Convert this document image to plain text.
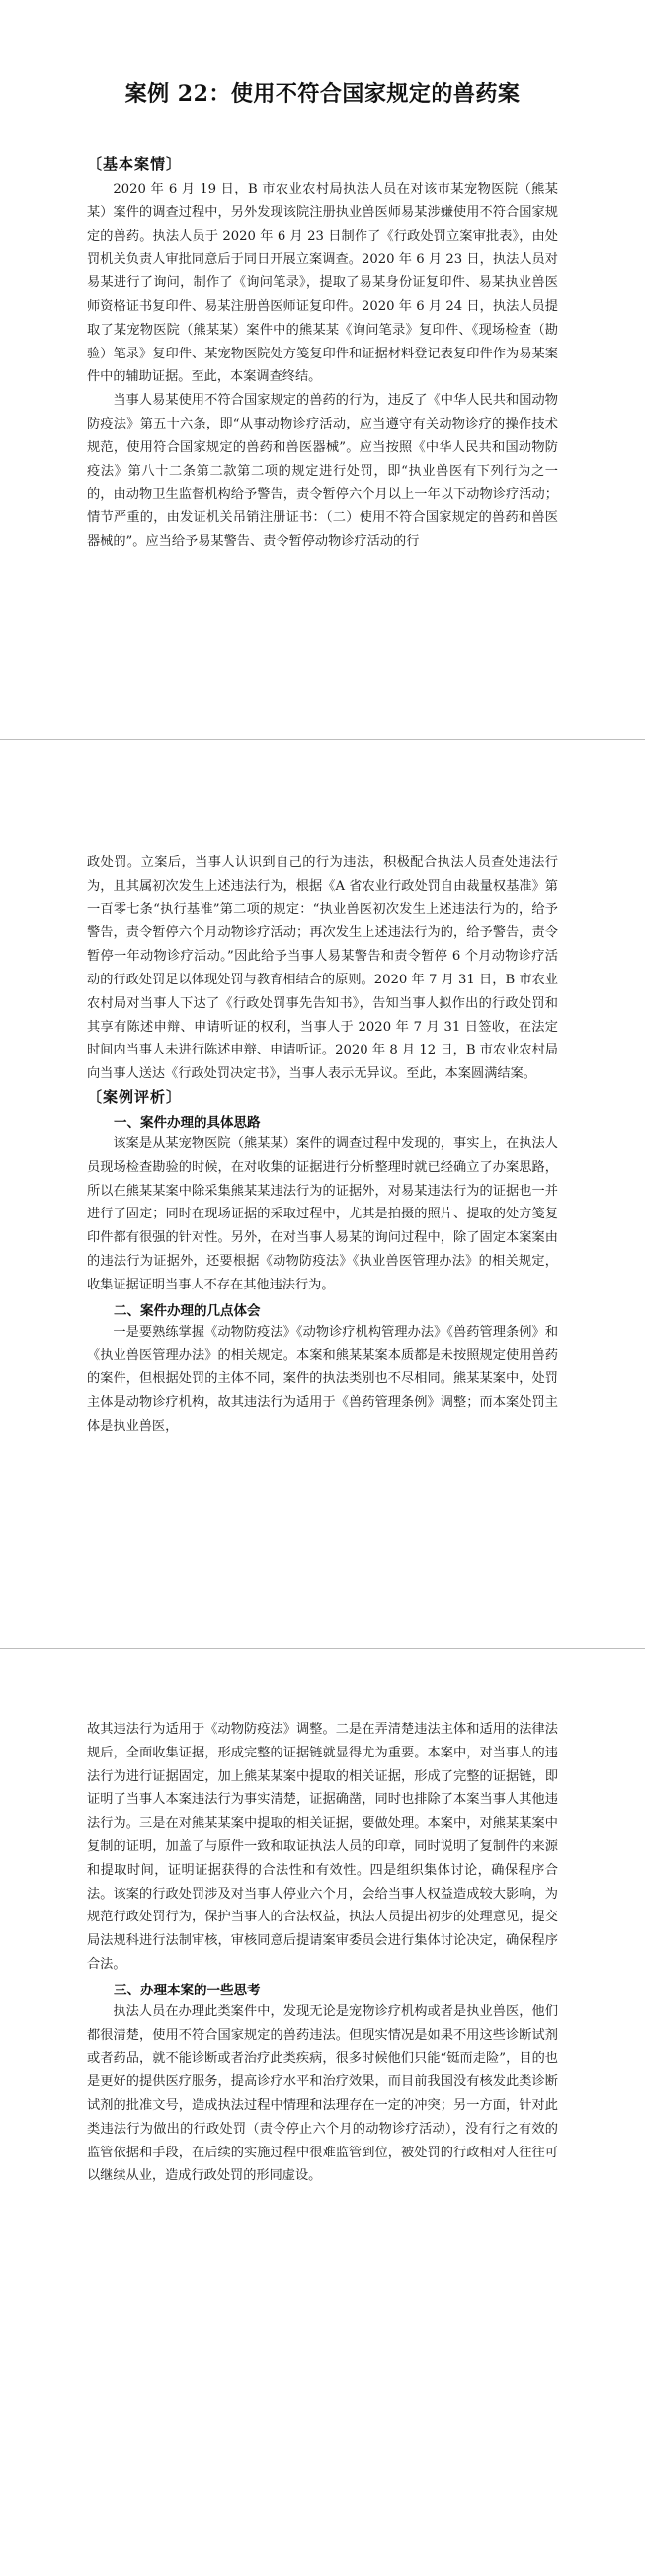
案例 22：使用不符合国家规定的兽药案
〔基本案情〕

2020 年 6 月 19 日，B 市农业农村局执法人员在对该市某宠物医院（熊某某）案件的调查过程中，另外发现该院注册执业兽医师易某涉嫌使用不符合国家规定的兽药。执法人员于 2020 年 6 月 23 日制作了《行政处罚立案审批表》，由处罚机关负责人审批同意后于同日开展立案调查。2020 年 6 月 23 日，执法人员对易某进行了询问，制作了《询问笔录》，提取了易某身份证复印件、易某执业兽医师资格证书复印件、易某注册兽医师证复印件。2020 年 6 月 24 日，执法人员提取了某宠物医院（熊某某）案件中的熊某某《询问笔录》复印件、《现场检查（勘验）笔录》复印件、某宠物医院处方笺复印件和证据材料登记表复印件作为易某案件中的辅助证据。至此，本案调查终结。

当事人易某使用不符合国家规定的兽药的行为，违反了《中华人民共和国动物防疫法》第五十六条，即“从事动物诊疗活动，应当遵守有关动物诊疗的操作技术规范，使用符合国家规定的兽药和兽医器械”。应当按照《中华人民共和国动物防疫法》第八十二条第二款第二项的规定进行处罚，即“执业兽医有下列行为之一的，由动物卫生监督机构给予警告，责令暂停六个月以上一年以下动物诊疗活动；情节严重的，由发证机关吊销注册证书：（二）使用不符合国家规定的兽药和兽医器械的”。应当给予易某警告、责令暂停动物诊疗活动的行

政处罚。立案后，当事人认识到自己的行为违法，积极配合执法人员查处违法行为，且其属初次发生上述违法行为，根据《A 省农业行政处罚自由裁量权基准》第一百零七条“执行基准”第二项的规定：“执业兽医初次发生上述违法行为的，给予警告，责令暂停六个月动物诊疗活动；再次发生上述违法行为的，给予警告，责令暂停一年动物诊疗活动。”因此给予当事人易某警告和责令暂停 6 个月动物诊疗活动的行政处罚足以体现处罚与教育相结合的原则。2020 年 7 月 31 日，B 市农业农村局对当事人下达了《行政处罚事先告知书》，告知当事人拟作出的行政处罚和其享有陈述申辩、申请听证的权利，当事人于 2020 年 7 月 31 日签收，在法定时间内当事人未进行陈述申辩、申请听证。2020 年 8 月 12 日，B 市农业农村局向当事人送达《行政处罚决定书》，当事人表示无异议。至此，本案圆满结案。

〔案例评析〕
一、案件办理的具体思路

该案是从某宠物医院（熊某某）案件的调查过程中发现的，事实上，在执法人员现场检查勘验的时候，在对收集的证据进行分析整理时就已经确立了办案思路，所以在熊某某案中除采集熊某某违法行为的证据外，对易某违法行为的证据也一并进行了固定；同时在现场证据的采取过程中，尤其是拍摄的照片、提取的处方笺复印件都有很强的针对性。另外，在对当事人易某的询问过程中，除了固定本案案由的违法行为证据外，还要根据《动物防疫法》《执业兽医管理办法》的相关规定，收集证据证明当事人不存在其他违法行为。

二、案件办理的几点体会

一是要熟练掌握《动物防疫法》《动物诊疗机构管理办法》《兽药管理条例》和《执业兽医管理办法》的相关规定。本案和熊某某案本质都是未按照规定使用兽药的案件，但根据处罚的主体不同，案件的执法类别也不尽相同。熊某某案中，处罚主体是动物诊疗机构，故其违法行为适用于《兽药管理条例》调整；而本案处罚主体是执业兽医，

故其违法行为适用于《动物防疫法》调整。二是在弄清楚违法主体和适用的法律法规后，全面收集证据，形成完整的证据链就显得尤为重要。本案中，对当事人的违法行为进行证据固定，加上熊某某案中提取的相关证据，形成了完整的证据链，即证明了当事人本案违法行为事实清楚，证据确凿，同时也排除了本案当事人其他违法行为。三是在对熊某某案中提取的相关证据，要做处理。本案中，对熊某某案中复制的证明，加盖了与原件一致和取证执法人员的印章，同时说明了复制件的来源和提取时间，证明证据获得的合法性和有效性。四是组织集体讨论，确保程序合法。该案的行政处罚涉及对当事人停业六个月，会给当事人权益造成较大影响，为规范行政处罚行为，保护当事人的合法权益，执法人员提出初步的处理意见，提交局法规科进行法制审核，审核同意后提请案审委员会进行集体讨论决定，确保程序合法。

三、办理本案的一些思考

执法人员在办理此类案件中，发现无论是宠物诊疗机构或者是执业兽医，他们都很清楚，使用不符合国家规定的兽药违法。但现实情况是如果不用这些诊断试剂或者药品，就不能诊断或者治疗此类疾病，很多时候他们只能“铤而走险”，目的也是更好的提供医疗服务，提高诊疗水平和治疗效果，而目前我国没有核发此类诊断试剂的批准文号，造成执法过程中情理和法理存在一定的冲突；另一方面，针对此类违法行为做出的行政处罚（责令停止六个月的动物诊疗活动），没有行之有效的监管依据和手段，在后续的实施过程中很难监管到位，被处罚的行政相对人往往可以继续从业，造成行政处罚的形同虚设。
